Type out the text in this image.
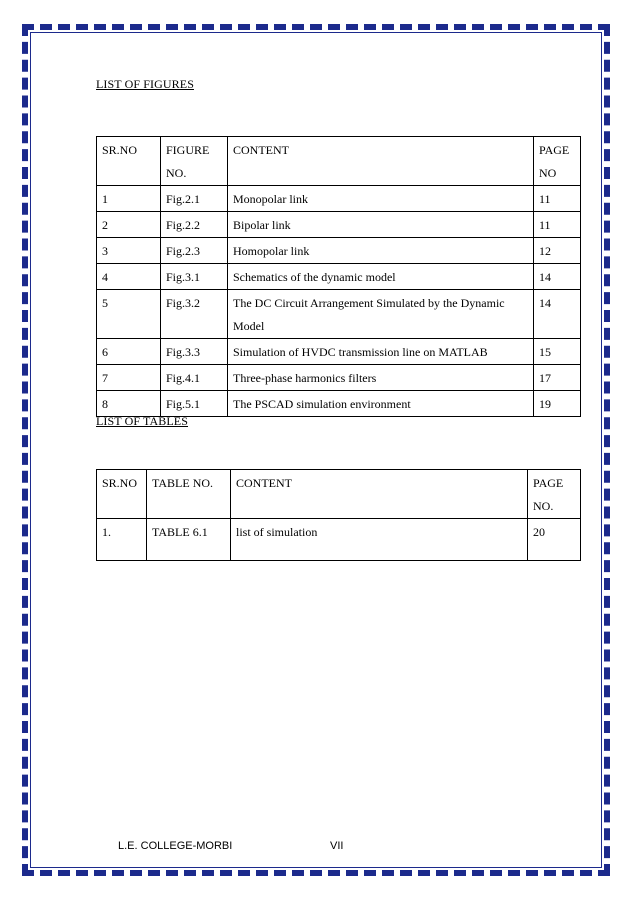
LIST OF FIGURES
SR.NO	FIGURE NO.	CONTENT	PAGE NO
1	Fig.2.1	Monopolar link	11
2	Fig.2.2	Bipolar link	11
3	Fig.2.3	Homopolar link	12
4	Fig.3.1	Schematics of the dynamic model	14
5	Fig.3.2	The DC Circuit Arrangement Simulated by the Dynamic Model	14
6	Fig.3.3	Simulation of HVDC transmission line on MATLAB	15
7	Fig.4.1	Three-phase harmonics filters	17
8	Fig.5.1	The PSCAD simulation environment	19
LIST OF TABLES
SR.NO	TABLE NO.	CONTENT	PAGE NO.
1.	TABLE 6.1	list of simulation	20
L.E. COLLEGE-MORBI	VII
